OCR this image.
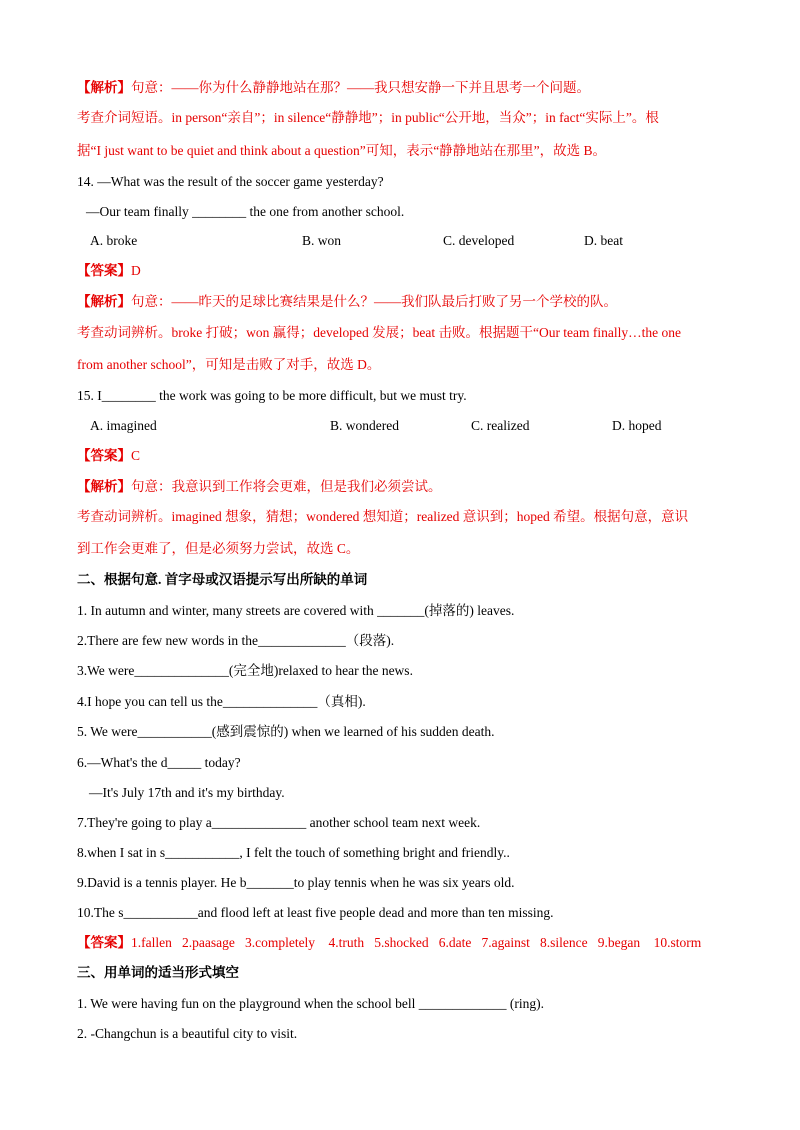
【解析】句意：——你为什么静静地站在那？——我只想安静一下并且思考一个问题。
考查介词短语。in person“亲自”；in silence“静静地”；in public“公开地，当众”；in fact“实际上”。根
据“I just want to be quiet and think about a question”可知，表示“静静地站在那里”，故选 B。
14. —What was the result of the soccer game yesterday?
—Our team finally ________ the one from another school.
A. broke	B. won	C. developed	D. beat
【答案】D
【解析】句意：——昨天的足球比赛结果是什么？——我们队最后打败了另一个学校的队。
考查动词辨析。broke 打破；won 赢得；developed 发展；beat 击败。根据题干“Our team finally…the one
from another school”，可知是击败了对手，故选 D。
15. I________ the work was going to be more difficult, but we must try.
A. imagined	B. wondered	C. realized	D. hoped
【答案】C
【解析】句意：我意识到工作将会更难，但是我们必须尝试。
考查动词辨析。imagined 想象，猜想；wondered 想知道；realized 意识到；hoped 希望。根据句意，意识
到工作会更难了，但是必须努力尝试，故选 C。
二、根据句意. 首字母或汉语提示写出所缺的单词
1. In autumn and winter, many streets are covered with _______(掉落的) leaves.
2.There are few new words in the_____________（段落).
3.We were______________(完全地)relaxed to hear the news.
4.I hope you can tell us the______________（真相).
5. We were___________(感到震惊的) when we learned of his sudden death.
6.—What's the d_____ today?
—It's July 17th and it's my birthday.
7.They're going to play a______________ another school team next week.
8.when I sat in s___________, I felt the touch of something bright and friendly..
9.David is a tennis player. He b_______to play tennis when he was six years old.
10.The s___________and flood left at least five people dead and more than ten missing.
【答案】1.fallen   2.paasage   3.completely    4.truth   5.shocked   6.date   7.against   8.silence   9.began    10.storm
三、用单词的适当形式填空
1. We were having fun on the playground when the school bell _____________ (ring).
2. -Changchun is a beautiful city to visit.
